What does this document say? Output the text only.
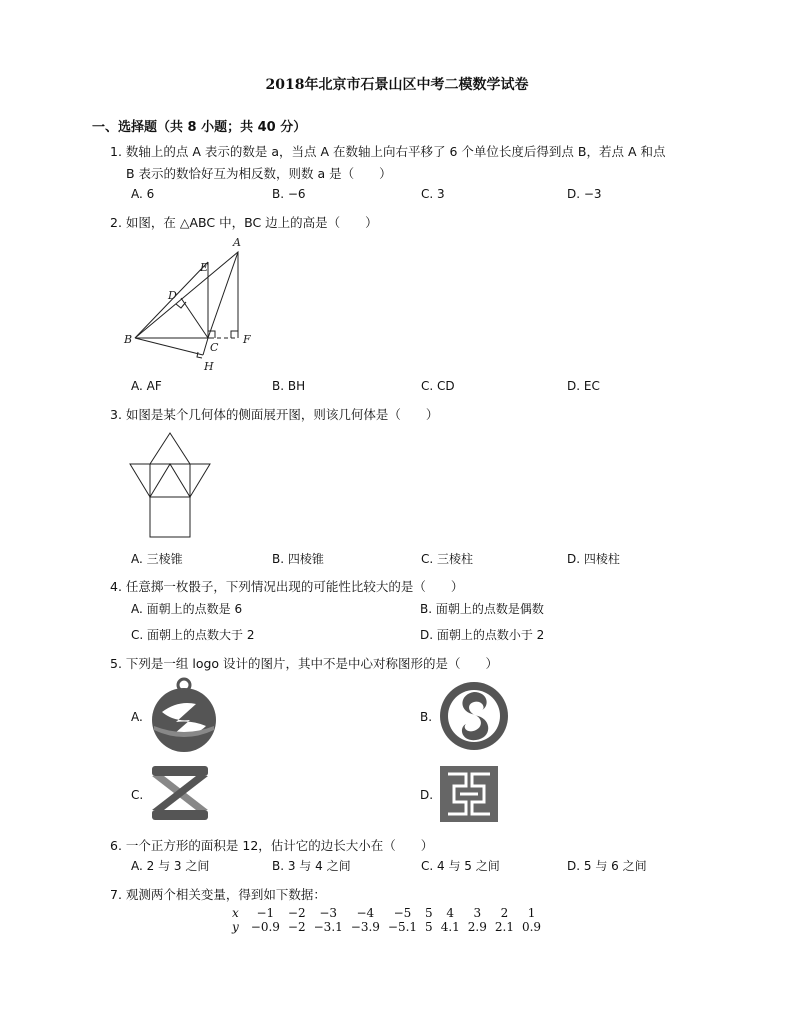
2018年北京市石景山区中考二模数学试卷
一、选择题（共 8 小题；共 40 分）
1. 数轴上的点 A 表示的数是 a，当点 A 在数轴上向右平移了 6 个单位长度后得到点 B，若点 A 和点
B 表示的数恰好互为相反数，则数 a 是（　　）
A. 6	B. −6	C. 3	D. −3
2. 如图，在 △ABC 中，BC 边上的高是（　　）
A
E
D
B
C
F
H
A. AF	B. BH	C. CD	D. EC
3. 如图是某个几何体的侧面展开图，则该几何体是（　　）
A. 三棱锥	B. 四棱锥	C. 三棱柱	D. 四棱柱
4. 任意掷一枚骰子，下列情况出现的可能性比较大的是（　　）
A. 面朝上的点数是 6	B. 面朝上的点数是偶数
C. 面朝上的点数大于 2	D. 面朝上的点数小于 2
5. 下列是一组 logo 设计的图片，其中不是中心对称图形的是（　　）
A.	B.
C.	D.
6. 一个正方形的面积是 12，估计它的边长大小在（　　）
A. 2 与 3 之间	B. 3 与 4 之间	C. 4 与 5 之间	D. 5 与 6 之间
7. 观测两个相关变量，得到如下数据：
x	−1	−2	−3	−4	−5	5	4	3	2	1
y	−0.9	−2	−3.1	−3.9	−5.1	5	4.1	2.9	2.1	0.9
